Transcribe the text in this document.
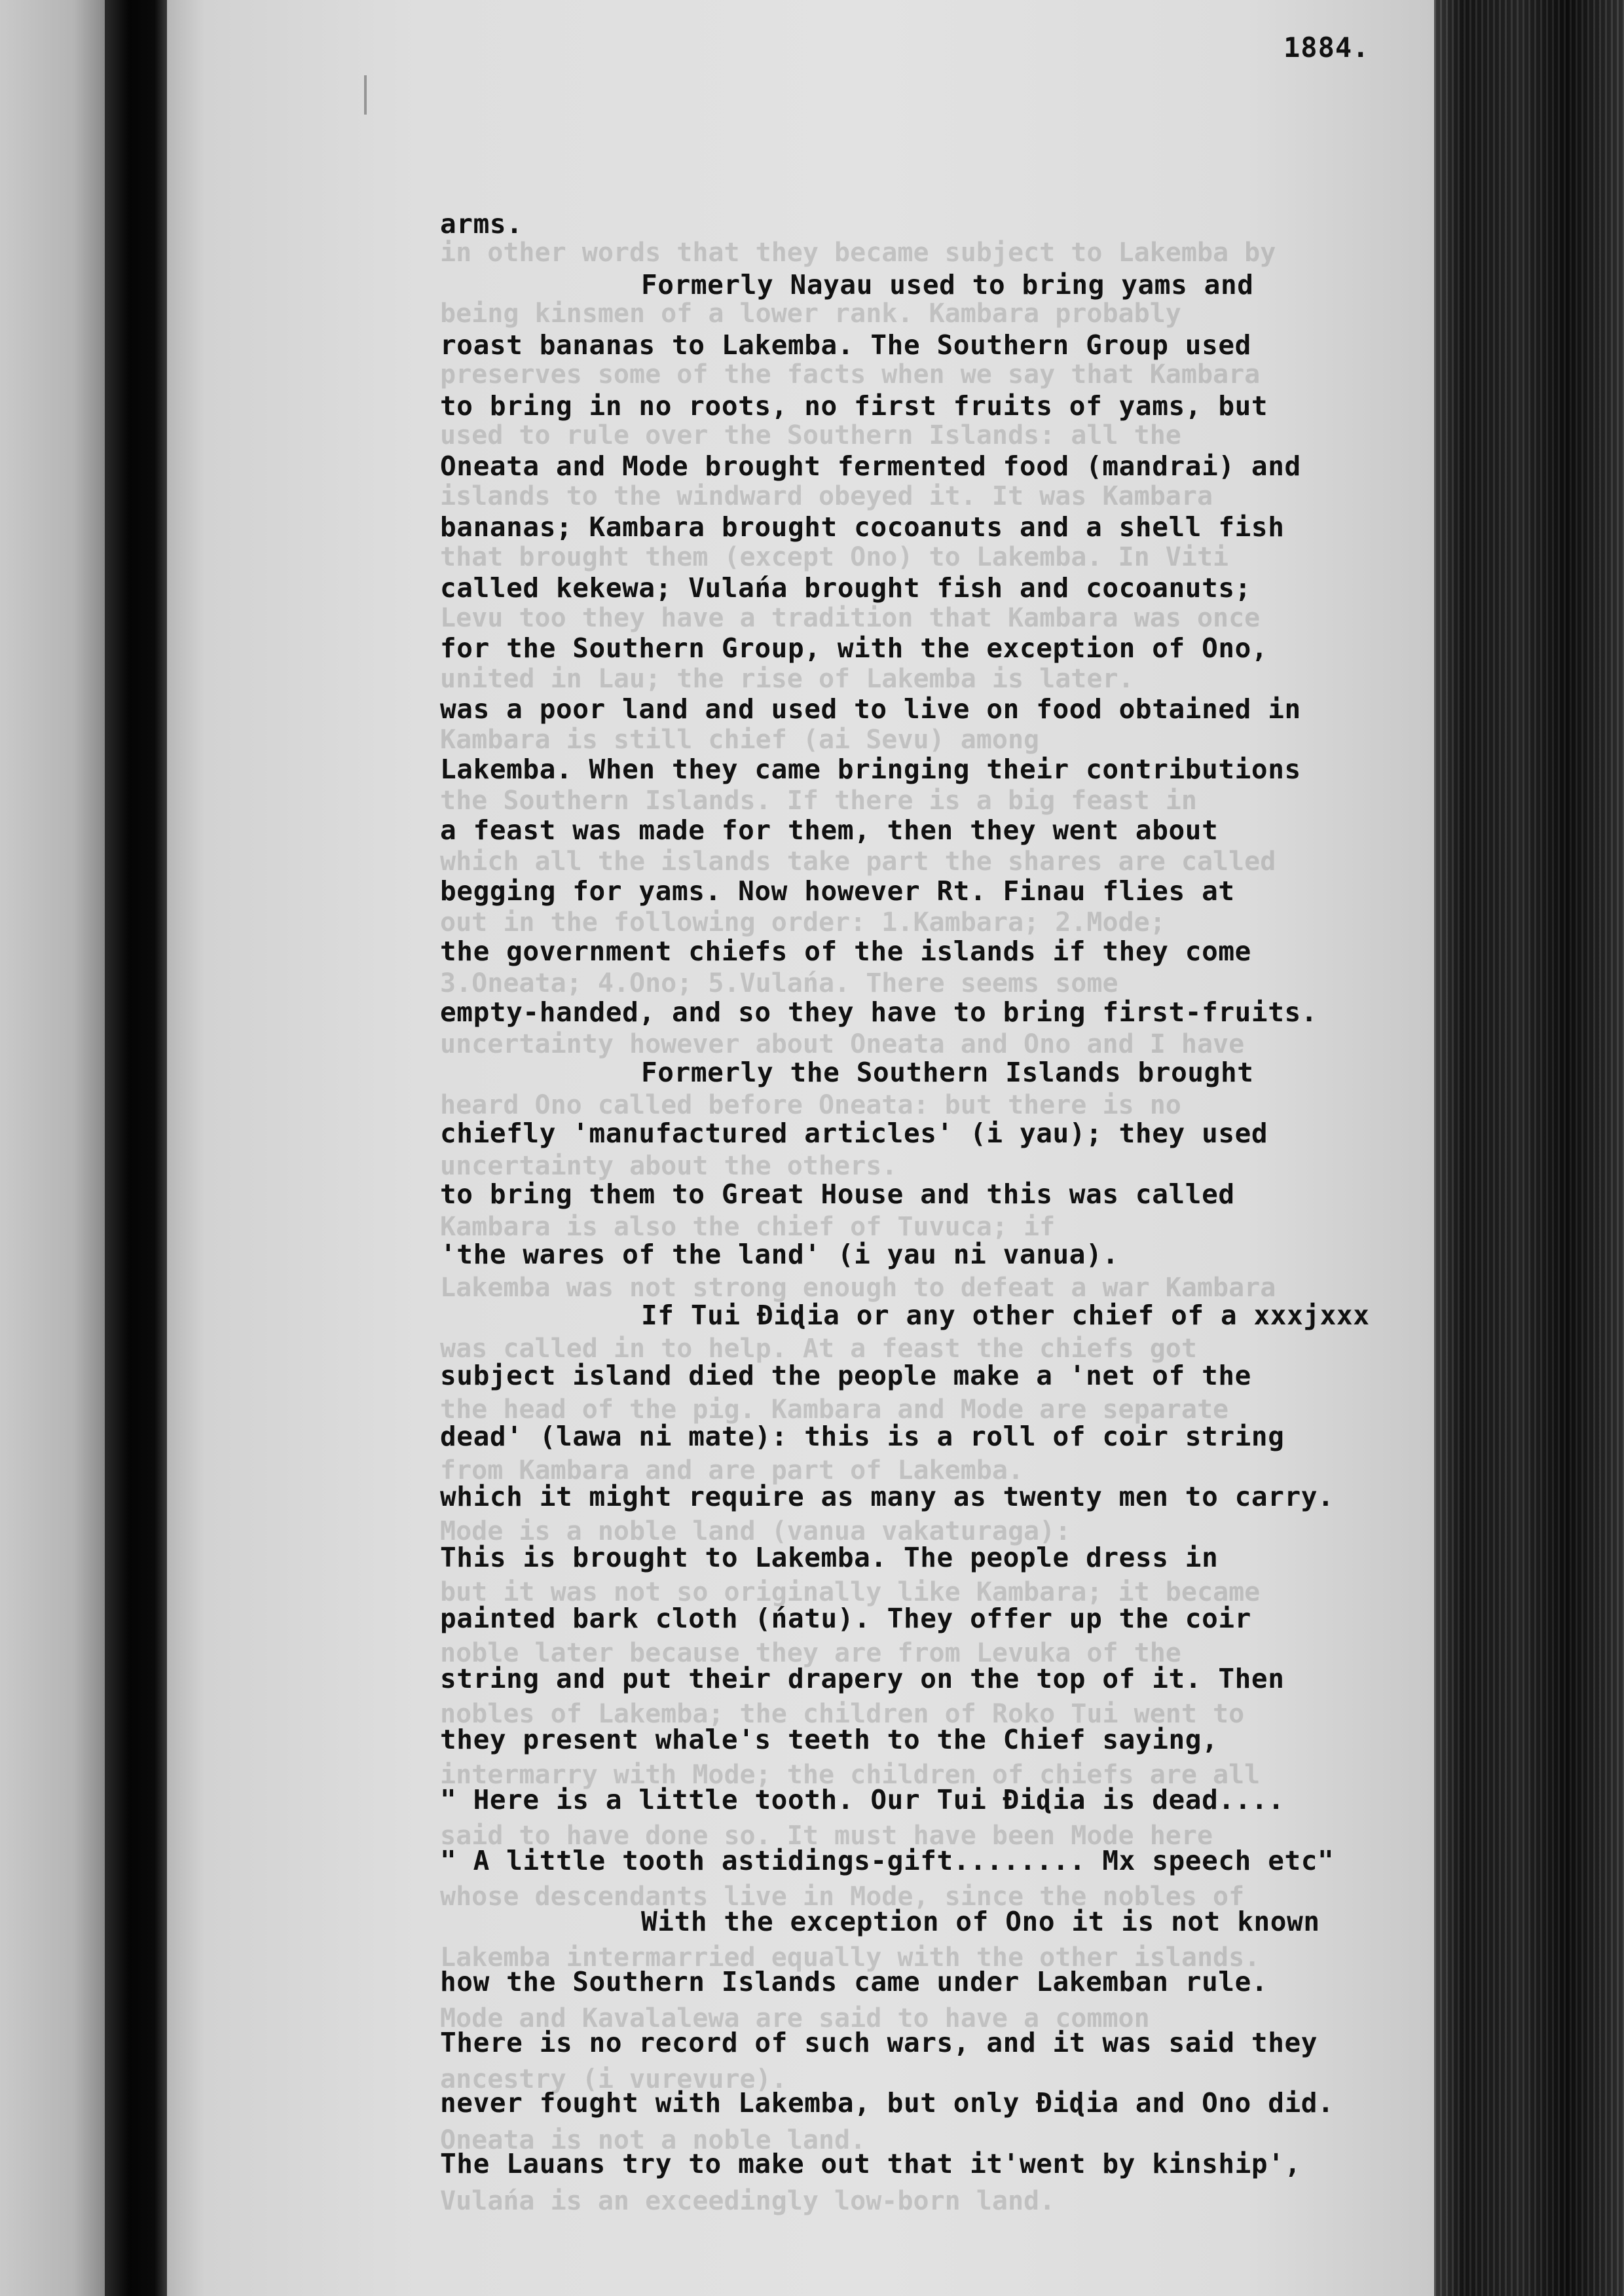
1884.
in other words that they became subject to Lakemba by
being kinsmen of a lower rank. Kambara probably
preserves some of the facts when we say that Kambara
used to rule over the Southern Islands: all the
islands to the windward obeyed it. It was Kambara
that brought them (except Ono) to Lakemba. In Viti
Levu too they have a tradition that Kambara was once
united in Lau; the rise of Lakemba is later.
Kambara is still chief (ai Sevu) among
the Southern Islands. If there is a big feast in
which all the islands take part the shares are called
out in the following order: 1.Kambara; 2.Mode;
3.Oneata; 4.Ono; 5.Vulańa. There seems some
uncertainty however about Oneata and Ono and I have
heard Ono called before Oneata: but there is no
uncertainty about the others.
Kambara is also the chief of Tuvuca; if
Lakemba was not strong enough to defeat a war Kambara
was called in to help. At a feast the chiefs got
the head of the pig. Kambara and Mode are separate
from Kambara and are part of Lakemba.
Mode is a noble land (vanua vakaturaga):
but it was not so originally like Kambara; it became
noble later because they are from Levuka of the
nobles of Lakemba; the children of Roko Tui went to
intermarry with Mode; the children of chiefs are all
said to have done so. It must have been Mode here
whose descendants live in Mode, since the nobles of
Lakemba intermarried equally with the other islands.
Mode and Kavalalewa are said to have a common
ancestry (i vurevure).
Oneata is not a noble land.
Vulańa is an exceedingly low-born land.
arms.
Formerly Nayau used to bring yams and
roast bananas to Lakemba. The Southern Group used
to bring in no roots, no first fruits of yams, but
Oneata and Mode brought fermented food (mandrai) and
bananas; Kambara brought cocoanuts and a shell fish
called kekewa; Vulańa brought fish and cocoanuts;
for the Southern Group, with the exception of Ono,
was a poor land and used to live on food obtained in
Lakemba. When they came bringing their contributions
a feast was made for them, then they went about
begging for yams. Now however Rt. Finau flies at
the government chiefs of the islands if they come
empty-handed, and so they have to bring first-fruits.
Formerly the Southern Islands brought
chiefly 'manufactured articles' (i yau); they used
to bring them to Great House and this was called
'the wares of the land' (i yau ni vanua).
If Tui Ɖiɖia or any other chief of a xxxjxxx
subject island died the people make a 'net of the
dead' (lawa ni mate): this is a roll of coir string
which it might require as many as twenty men to carry.
This is brought to Lakemba. The people dress in
painted bark cloth (ńatu). They offer up the coir
string and put their drapery on the top of it. Then
they present whale's teeth to the Chief saying,
" Here is a little tooth. Our Tui Ɖiɖia is dead....
" A little tooth astidings-gift........ Mx speech etc"
With the exception of Ono it is not known
how the Southern Islands came under Lakemban rule.
There is no record of such wars, and it was said they
never fought with Lakemba, but only Ɖiɖia and Ono did.
The Lauans try to make out that it'went by kinship',
